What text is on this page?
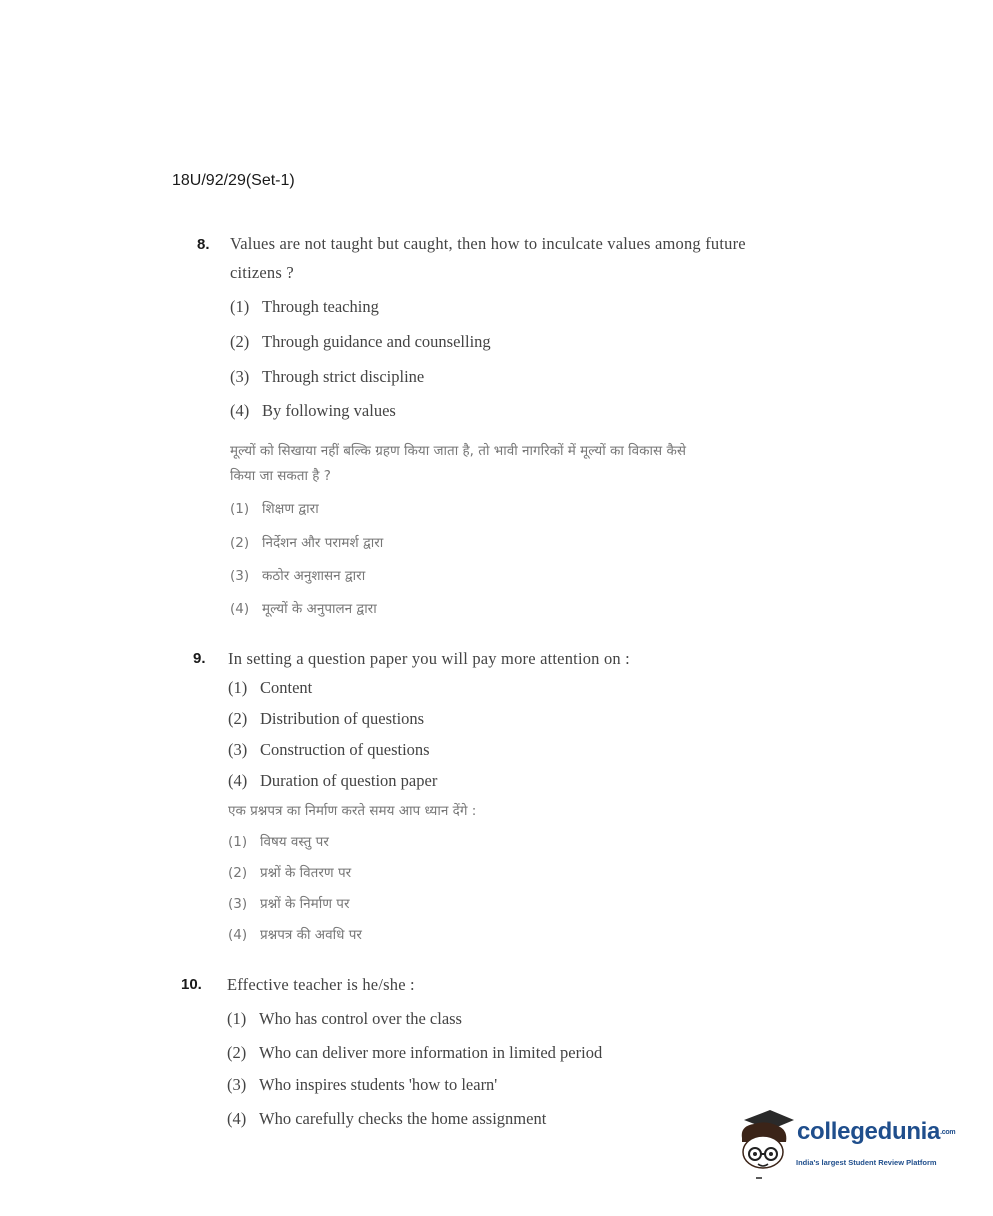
18U/92/29(Set-1)
8. Values are not taught but caught, then how to inculcate values among future
citizens ?
(1) Through teaching
(2) Through guidance and counselling
(3) Through strict discipline
(4) By following values
मूल्यों को सिखाया नहीं बल्कि ग्रहण किया जाता है, तो भावी नागरिकों में मूल्यों का विकास कैसे
किया जा सकता है ?
(1) शिक्षण द्वारा
(2) निर्देशन और परामर्श द्वारा
(3) कठोर अनुशासन द्वारा
(4) मूल्यों के अनुपालन द्वारा
9. In setting a question paper you will pay more attention on :
(1) Content
(2) Distribution of questions
(3) Construction of questions
(4) Duration of question paper
एक प्रश्नपत्र का निर्माण करते समय आप ध्यान देंगे :
(1) विषय वस्तु पर
(2) प्रश्नों के वितरण पर
(3) प्रश्नों के निर्माण पर
(4) प्रश्नपत्र की अवधि पर
10. Effective teacher is he/she :
(1) Who has control over the class
(2) Who can deliver more information in limited period
(3) Who inspires students 'how to learn'
(4) Who carefully checks the home assignment	collegedunia.com
India's largest Student Review Platform
